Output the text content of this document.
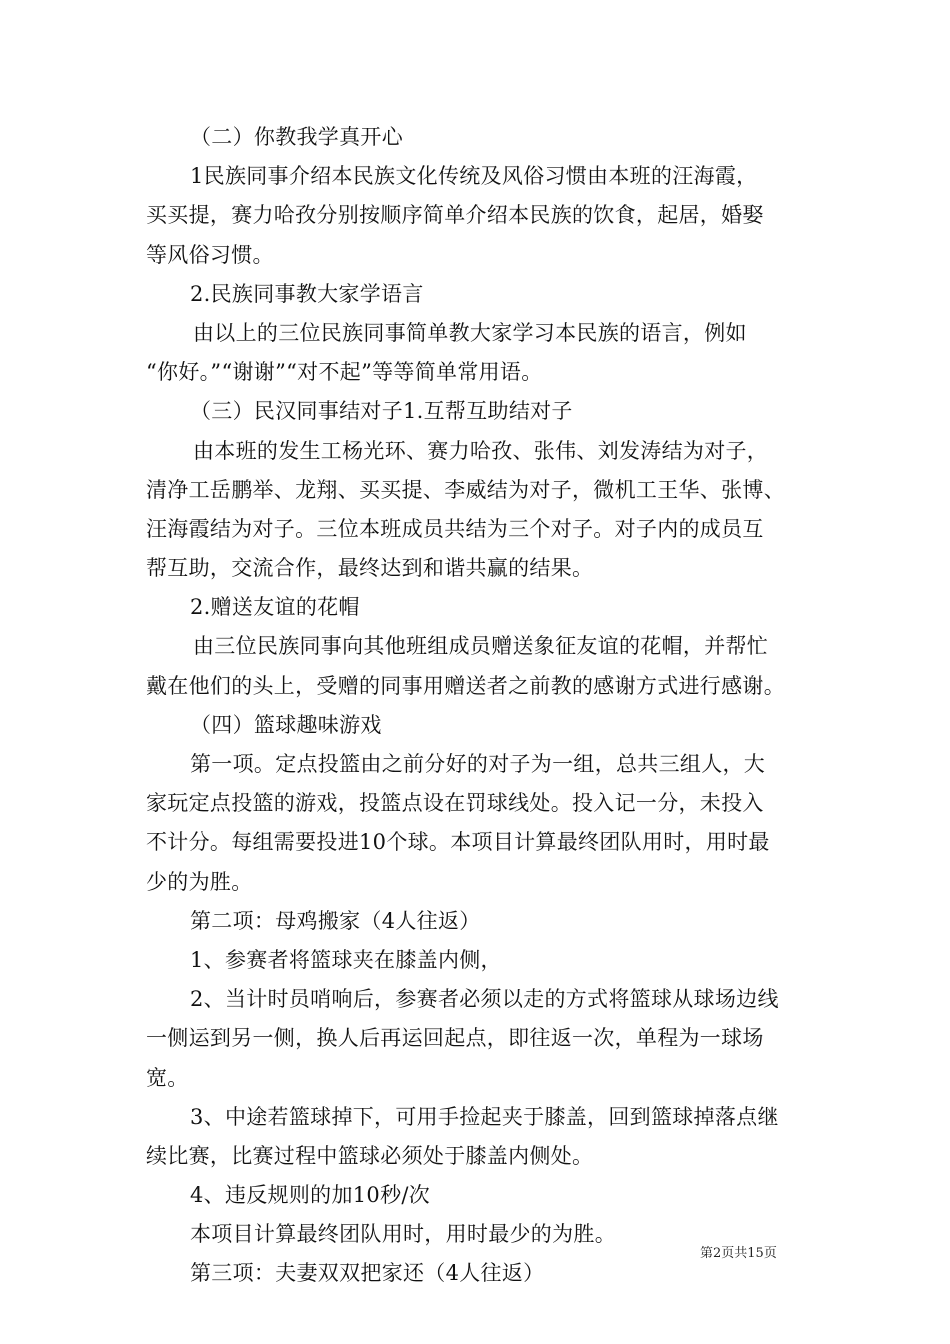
（二）你教我学真开心
1民族同事介绍本民族文化传统及风俗习惯由本班的汪海霞，
买买提，赛力哈孜分别按顺序简单介绍本民族的饮食，起居，婚娶
等风俗习惯。
2.民族同事教大家学语言
由以上的三位民族同事简单教大家学习本民族的语言，例如
“你好。”“谢谢”“对不起”等等简单常用语。
（三）民汉同事结对子1.互帮互助结对子
由本班的发生工杨光环、赛力哈孜、张伟、刘发涛结为对子，
清净工岳鹏举、龙翔、买买提、李威结为对子，微机工王华、张博、
汪海霞结为对子。三位本班成员共结为三个对子。对子内的成员互
帮互助，交流合作，最终达到和谐共赢的结果。
2.赠送友谊的花帽
由三位民族同事向其他班组成员赠送象征友谊的花帽，并帮忙
戴在他们的头上，受赠的同事用赠送者之前教的感谢方式进行感谢。
（四）篮球趣味游戏
第一项。定点投篮由之前分好的对子为一组，总共三组人，大
家玩定点投篮的游戏，投篮点设在罚球线处。投入记一分，未投入
不计分。每组需要投进10个球。本项目计算最终团队用时，用时最
少的为胜。
第二项：母鸡搬家（4人往返）
1、参赛者将篮球夹在膝盖内侧，
2、当计时员哨响后，参赛者必须以走的方式将篮球从球场边线
一侧运到另一侧，换人后再运回起点，即往返一次，单程为一球场
宽。
3、中途若篮球掉下，可用手捡起夹于膝盖，回到篮球掉落点继
续比赛，比赛过程中篮球必须处于膝盖内侧处。
4、违反规则的加10秒/次
本项目计算最终团队用时，用时最少的为胜。
第三项：夫妻双双把家还（4人往返）
第2页共15页
